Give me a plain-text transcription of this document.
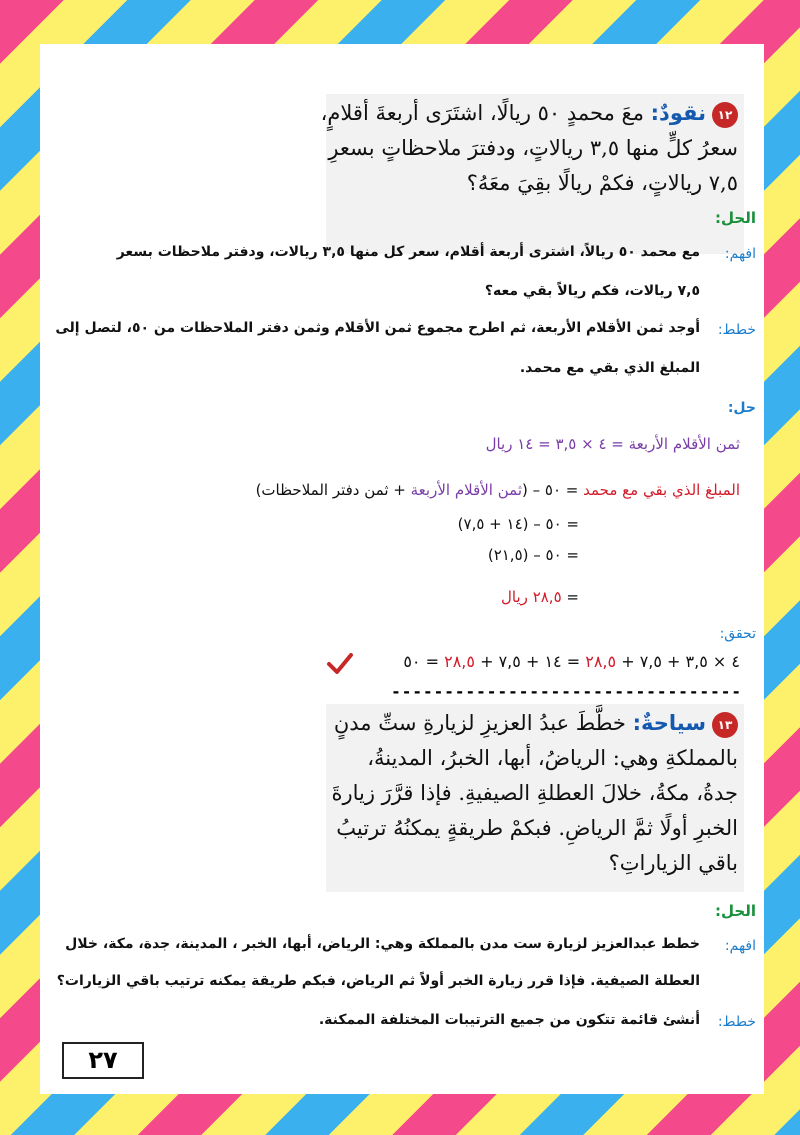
١٢نقودٌ: معَ محمدٍ ٥٠ ريالًا، اشتَرَى أربعةَ أقلامٍ،
سعرُ كلٍّ منها ٣,٥ رياﻻتٍ، ودفترَ ملاحظاتٍ بسعرِ
٧,٥ رياﻻتٍ، فكمْ ريالًا بقِيَ معَهُ؟
الحل:
افهم:
مع محمد ٥٠ ريالاً، اشترى أربعة أقلام، سعر كل منها ٣,٥ ريالات، ودفتر ملاحظات بسعر
٧,٥ ريالات، فكم ريالاً بقي معه؟
خطط:
أوجد ثمن الأقلام الأربعة، ثم اطرح مجموع ثمن الأقلام وثمن دفتر الملاحظات من ٥٠، لتصل إلى
المبلغ الذي بقي مع محمد.
حل:
ثمن الأقلام الأربعة = ٤ × ٣,٥ = ١٤ ريال
المبلغ الذي بقي مع محمد = ٥٠ – (ثمن الأقلام الأربعة + ثمن دفتر الملاحظات)
= ٥٠ – (١٤ + ٧,٥)
= ٥٠ – (٢١,٥)
= ٢٨,٥ ريال
تحقق:
٤ × ٣,٥ + ٧,٥ + ٢٨,٥ = ١٤ + ٧,٥ + ٢٨,٥ = ٥٠
---------------------------------
١٣سياحةٌ: خطَّطَ عبدُ العزيزِ لزيارةِ ستِّ مدنٍ
بالمملكةِ وهي: الرياضُ، أبها، الخبرُ، المدينةُ،
جدةُ، مكةُ، خلالَ العطلةِ الصيفيةِ. فإذا قرَّرَ زيارةَ
الخبرِ أولًا ثمَّ الرياضِ. فبكمْ طريقةٍ يمكنُهُ ترتيبُ
باقي الزياراتِ؟
الحل:
افهم:
خطط عبدالعزيز لزيارة ست مدن بالمملكة وهي: الرياض، أبها، الخبر ، المدينة، جدة، مكة، خلال
العطلة الصيفية. فإذا قرر زيارة الخبر أولاً ثم الرياض، فبكم طريقة يمكنه ترتيب باقي الزيارات؟
خطط:
أنشئ قائمة تتكون من جميع الترتيبات المختلفة الممكنة.
٢٧
